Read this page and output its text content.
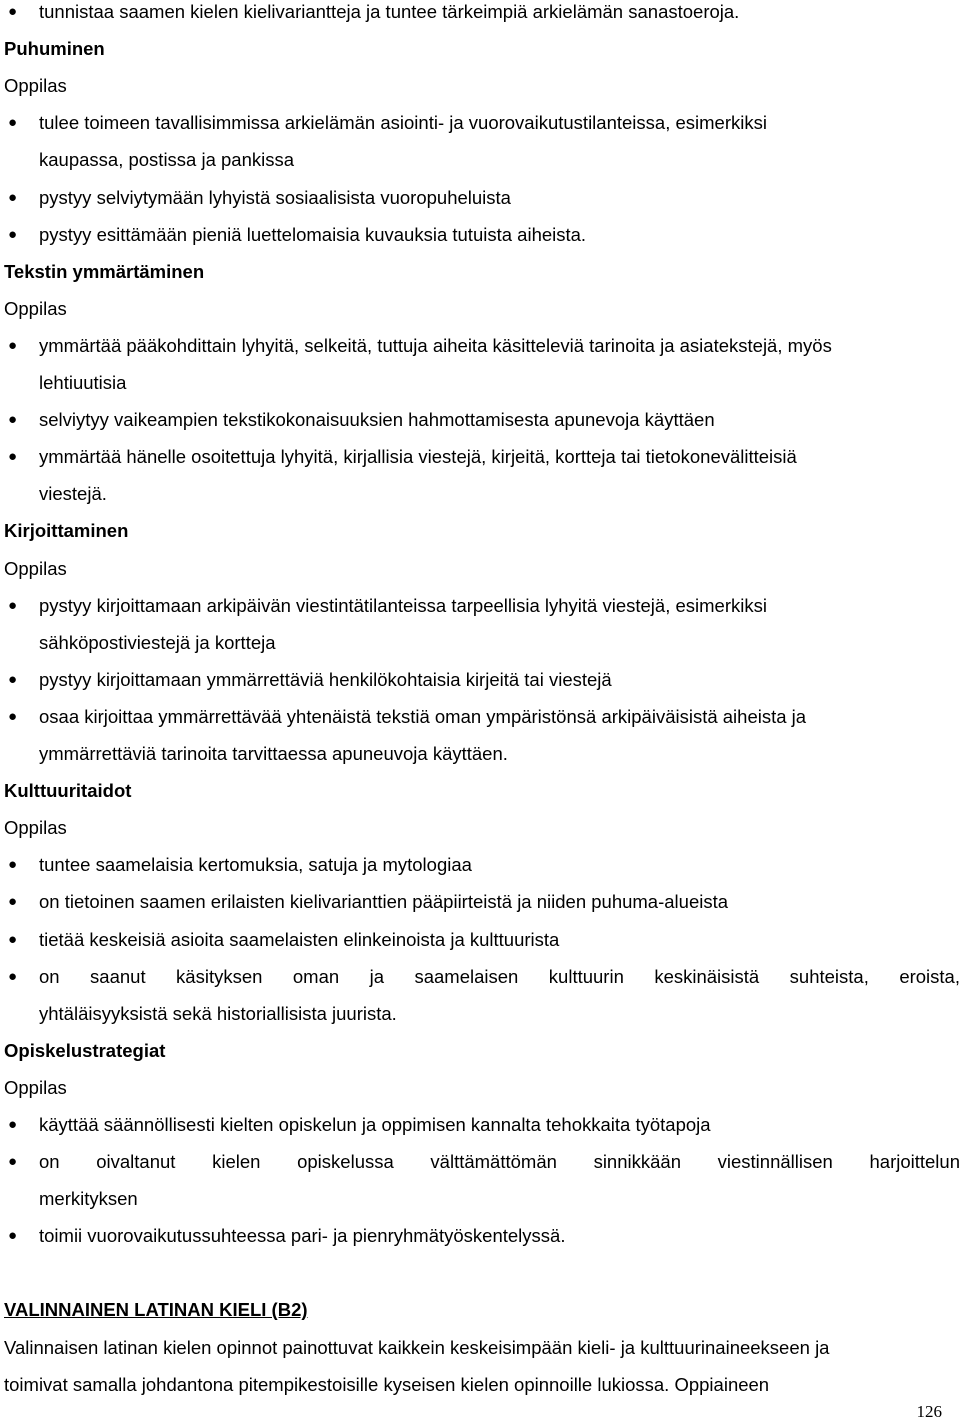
● tunnistaa saamen kielen kielivariantteja ja tuntee tärkeimpiä arkielämän sanastoeroja.
Puhuminen
Oppilas
● tulee toimeen tavallisimmissa arkielämän asiointi- ja vuorovaikutustilanteissa, esimerkiksi
kaupassa, postissa ja pankissa
● pystyy selviytymään lyhyistä sosiaalisista vuoropuheluista
● pystyy esittämään pieniä luettelomaisia kuvauksia tutuista aiheista.
Tekstin ymmärtäminen
Oppilas
● ymmärtää pääkohdittain lyhyitä, selkeitä, tuttuja aiheita käsitteleviä tarinoita ja asiatekstejä, myös
lehtiuutisia
● selviytyy vaikeampien tekstikokonaisuuksien hahmottamisesta apunevoja käyttäen
● ymmärtää hänelle osoitettuja lyhyitä, kirjallisia viestejä, kirjeitä, kortteja tai tietokonevälitteisiä
viestejä.
Kirjoittaminen
Oppilas
● pystyy kirjoittamaan arkipäivän viestintätilanteissa tarpeellisia lyhyitä viestejä, esimerkiksi
sähköpostiviestejä ja kortteja
● pystyy kirjoittamaan ymmärrettäviä henkilökohtaisia kirjeitä tai viestejä
● osaa kirjoittaa ymmärrettävää yhtenäistä tekstiä oman ympäristönsä arkipäiväisistä aiheista ja
ymmärrettäviä tarinoita tarvittaessa apuneuvoja käyttäen.
Kulttuuritaidot
Oppilas
● tuntee saamelaisia kertomuksia, satuja ja mytologiaa
● on tietoinen saamen erilaisten kielivarianttien pääpiirteistä ja niiden puhuma-alueista
● tietää keskeisiä asioita saamelaisten elinkeinoista ja kulttuurista
● on saanut käsityksen oman ja saamelaisen kulttuurin keskinäisistä suhteista, eroista,
yhtäläisyyksistä sekä historiallisista juurista.
Opiskelustrategiat
Oppilas
● käyttää säännöllisesti kielten opiskelun ja oppimisen kannalta tehokkaita työtapoja
● on oivaltanut kielen opiskelussa välttämättömän sinnikkään viestinnällisen harjoittelun
merkityksen
● toimii vuorovaikutussuhteessa pari- ja pienryhmätyöskentelyssä.
VALINNAINEN LATINAN KIELI (B2)
Valinnaisen latinan kielen opinnot painottuvat kaikkein keskeisimpään kieli- ja kulttuurinaineekseen ja
toimivat samalla johdantona pitempikestoisille kyseisen kielen opinnoille lukiossa. Oppiaineen
126
